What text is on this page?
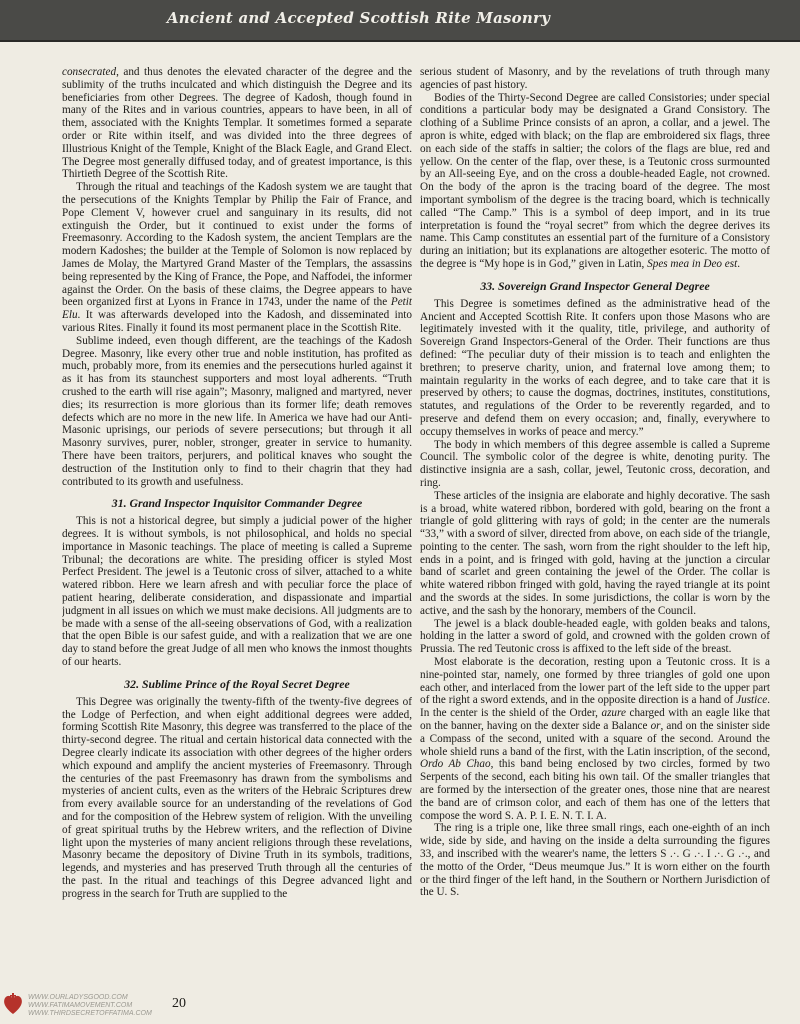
Ancient and Accepted Scottish Rite Masonry

consecrated, and thus denotes the elevated character of the degree and the sublimity of the truths inculcated and which distinguish the Degree and its beneficiaries from other Degrees. The degree of Kadosh, though found in many of the Rites and in various countries, appears to have been, in all of them, associated with the Knights Templar. It sometimes formed a separate order or Rite within itself, and was divided into the three degrees of Illustrious Knight of the Temple, Knight of the Black Eagle, and Grand Elect. The Degree most generally diffused today, and of greatest importance, is this Thirtieth Degree of the Scottish Rite.

Through the ritual and teachings of the Kadosh system we are taught that the persecutions of the Knights Templar by Philip the Fair of France, and Pope Clement V, however cruel and sanguinary in its results, did not extinguish the Order, but it continued to exist under the forms of Freemasonry. According to the Kadosh system, the ancient Templars are the modern Kadoshes; the builder at the Temple of Solomon is now replaced by James de Molay, the Martyred Grand Master of the Templars, the assassins being represented by the King of France, the Pope, and Naffodei, the informer against the Order. On the basis of these claims, the Degree appears to have been organized first at Lyons in France in 1743, under the name of the Petit Elu. It was afterwards developed into the Kadosh, and disseminated into various Rites. Finally it found its most permanent place in the Scottish Rite.

Sublime indeed, even though different, are the teachings of the Kadosh Degree. Masonry, like every other true and noble institution, has profited as much, probably more, from its enemies and the persecutions hurled against it as it has from its staunchest supporters and most loyal adherents. “Truth crushed to the earth will rise again”; Masonry, maligned and martyred, never dies; its resurrection is more glorious than its former life; death removes defects which are no more in the new life. In America we have had our Anti-Masonic uprisings, our periods of severe persecutions; but through it all Masonry survives, purer, nobler, stronger, greater in service to humanity. There have been traitors, perjurers, and political knaves who sought the destruction of the Institution only to find to their chagrin that they had contributed to its growth and usefulness.

31. Grand Inspector Inquisitor Commander Degree

This is not a historical degree, but simply a judicial power of the higher degrees. It is without symbols, is not philosophical, and holds no special importance in Masonic teachings. The place of meeting is called a Supreme Tribunal; the decorations are white. The presiding officer is styled Most Perfect President. The jewel is a Teutonic cross of silver, attached to a white watered ribbon. Here we learn afresh and with peculiar force the place of patient hearing, deliberate consideration, and dispassionate and impartial judgment in all issues on which we must make decisions. All judgments are to be made with a sense of the all-seeing observations of God, with a realization that the open Bible is our safest guide, and with a realization that we are one day to stand before the great Judge of all men who knows the inmost thoughts of our hearts.

32. Sublime Prince of the Royal Secret Degree

This Degree was originally the twenty-fifth of the twenty-five degrees of the Lodge of Perfection, and when eight additional degrees were added, forming Scottish Rite Masonry, this degree was transferred to the place of the thirty-second degree. The ritual and certain historical data connected with the Degree clearly indicate its association with other degrees of the higher orders which expound and amplify the ancient mysteries of Freemasonry. Through the centuries of the past Freemasonry has drawn from the symbolisms and mysteries of ancient cults, even as the writers of the Hebraic Scriptures drew from every available source for an understanding of the revelations of God and for the composition of the Hebrew system of religion. With the unveiling of great spiritual truths by the Hebrew writers, and the reflection of Divine light upon the mysteries of many ancient religions through these revelations, Masonry became the depository of Divine Truth in its symbols, traditions, legends, and mysteries and has preserved Truth through all the centuries of the past. In the ritual and teachings of this Degree advanced light and progress in the search for Truth are supplied to the

serious student of Masonry, and by the revelations of truth through many agencies of past history.

Bodies of the Thirty-Second Degree are called Consistories; under special conditions a particular body may be designated a Grand Consistory. The clothing of a Sublime Prince consists of an apron, a collar, and a jewel. The apron is white, edged with black; on the flap are embroidered six flags, three on each side of the staffs in saltier; the colors of the flags are blue, red and yellow. On the center of the flap, over these, is a Teutonic cross surmounted by an All-seeing Eye, and on the cross a double-headed Eagle, not crowned. On the body of the apron is the tracing board of the degree. The most important symbolism of the degree is the tracing board, which is technically called “The Camp.” This is a symbol of deep import, and in its true interpretation is found the “royal secret” from which the degree derives its name. This Camp constitutes an essential part of the furniture of a Consistory during an initiation; but its explanations are altogether esoteric. The motto of the degree is “My hope is in God,” given in Latin, Spes mea in Deo est.

33. Sovereign Grand Inspector General Degree

This Degree is sometimes defined as the administrative head of the Ancient and Accepted Scottish Rite. It confers upon those Masons who are legitimately invested with it the quality, title, privilege, and authority of Sovereign Grand Inspectors-General of the Order. Their functions are thus defined: “The peculiar duty of their mission is to teach and enlighten the brethren; to preserve charity, union, and fraternal love among them; to maintain regularity in the works of each degree, and to take care that it is preserved by others; to cause the dogmas, doctrines, institutes, constitutions, statutes, and regulations of the Order to be reverently regarded, and to preserve and defend them on every occasion; and, finally, everywhere to occupy themselves in works of peace and mercy.”

The body in which members of this degree assemble is called a Supreme Council. The symbolic color of the degree is white, denoting purity. The distinctive insignia are a sash, collar, jewel, Teutonic cross, decoration, and ring.

These articles of the insignia are elaborate and highly decorative. The sash is a broad, white watered ribbon, bordered with gold, bearing on the front a triangle of gold glittering with rays of gold; in the center are the numerals “33,” with a sword of silver, directed from above, on each side of the triangle, pointing to the center. The sash, worn from the right shoulder to the left hip, ends in a point, and is fringed with gold, having at the junction a circular band of scarlet and green containing the jewel of the Order. The collar is white watered ribbon fringed with gold, having the rayed triangle at its point and the swords at the sides. In some jurisdictions, the collar is worn by the active, and the sash by the honorary, members of the Council.

The jewel is a black double-headed eagle, with golden beaks and talons, holding in the latter a sword of gold, and crowned with the golden crown of Prussia. The red Teutonic cross is affixed to the left side of the breast.

Most elaborate is the decoration, resting upon a Teutonic cross. It is a nine-pointed star, namely, one formed by three triangles of gold one upon each other, and interlaced from the lower part of the left side to the upper part of the right a sword extends, and in the opposite direction is a hand of Justice. In the center is the shield of the Order, azure charged with an eagle like that on the banner, having on the dexter side a Balance or, and on the sinister side a Compass of the second, united with a square of the second. Around the whole shield runs a band of the first, with the Latin inscription, of the second, Ordo Ab Chao, this band being enclosed by two circles, formed by two Serpents of the second, each biting his own tail. Of the smaller triangles that are formed by the intersection of the greater ones, those nine that are nearest the band are of crimson color, and each of them has one of the letters that compose the word S. A. P. I. E. N. T. I. A.

The ring is a triple one, like three small rings, each one-eighth of an inch wide, side by side, and having on the inside a delta surrounding the figures 33, and inscribed with the wearer's name, the letters S .·. G .·. I .·. G .·., and the motto of the Order, “Deus meumque Jus.” It is worn either on the fourth or the third finger of the left hand, in the Southern or Northern Jurisdiction of the U. S.

WWW.OURLADYSGOOD.COM
WWW.FATIMAMOVEMENT.COM
WWW.THIRDSECRETOFFATIMA.COM
20
